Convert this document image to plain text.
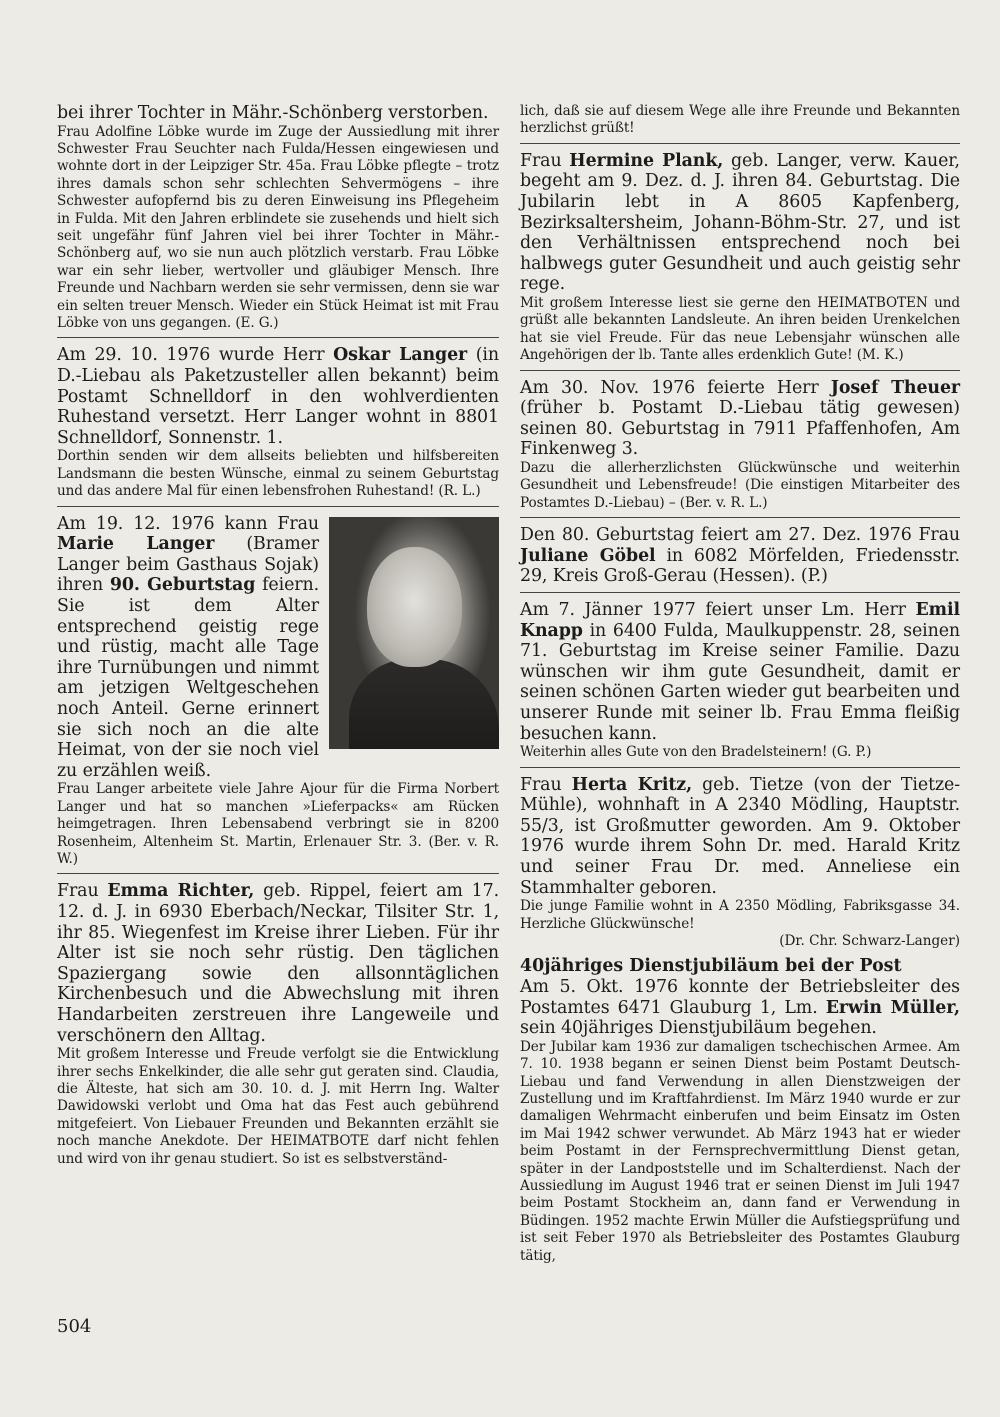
bei ihrer Tochter in Mähr.-Schönberg verstorben.

Frau Adolfine Löbke wurde im Zuge der Aussiedlung mit ihrer Schwester Frau Seuchter nach Fulda/Hessen eingewiesen und wohnte dort in der Leipziger Str. 45a. Frau Löbke pflegte – trotz ihres damals schon sehr schlechten Sehvermögens – ihre Schwester aufopfernd bis zu deren Einweisung ins Pflegeheim in Fulda. Mit den Jahren erblindete sie zusehends und hielt sich seit ungefähr fünf Jahren viel bei ihrer Tochter in Mähr.-Schönberg auf, wo sie nun auch plötzlich verstarb. Frau Löbke war ein sehr lieber, wertvoller und gläubiger Mensch. Ihre Freunde und Nachbarn werden sie sehr vermissen, denn sie war ein selten treuer Mensch. Wieder ein Stück Heimat ist mit Frau Löbke von uns gegangen. (E. G.)

Am 29. 10. 1976 wurde Herr Oskar Langer (in D.-Liebau als Paketzusteller allen bekannt) beim Postamt Schnelldorf in den wohlverdienten Ruhestand versetzt. Herr Langer wohnt in 8801 Schnelldorf, Sonnenstr. 1.

Dorthin senden wir dem allseits beliebten und hilfsbereiten Landsmann die besten Wünsche, einmal zu seinem Geburtstag und das andere Mal für einen lebensfrohen Ruhestand! (R. L.)

Am 19. 12. 1976 kann Frau Marie Langer (Bramer Langer beim Gasthaus Sojak) ihren 90. Geburtstag feiern. Sie ist dem Alter entsprechend geistig rege und rüstig, macht alle Tage ihre Turnübungen und nimmt am jetzigen Weltgeschehen noch Anteil. Gerne erinnert sie sich noch an die alte Heimat, von der sie noch viel zu erzählen weiß.

Frau Langer arbeitete viele Jahre Ajour für die Firma Norbert Langer und hat so manchen »Lieferpacks« am Rücken heimgetragen. Ihren Lebensabend verbringt sie in 8200 Rosenheim, Altenheim St. Martin, Erlenauer Str. 3. (Ber. v. R. W.)

Frau Emma Richter, geb. Rippel, feiert am 17. 12. d. J. in 6930 Eberbach/Neckar, Tilsiter Str. 1, ihr 85. Wiegenfest im Kreise ihrer Lieben. Für ihr Alter ist sie noch sehr rüstig. Den täglichen Spaziergang sowie den allsonntäglichen Kirchenbesuch und die Abwechslung mit ihren Handarbeiten zerstreuen ihre Langeweile und verschönern den Alltag.

Mit großem Interesse und Freude verfolgt sie die Entwicklung ihrer sechs Enkelkinder, die alle sehr gut geraten sind. Claudia, die Älteste, hat sich am 30. 10. d. J. mit Herrn Ing. Walter Dawidowski verlobt und Oma hat das Fest auch gebührend mitgefeiert. Von Liebauer Freunden und Bekannten erzählt sie noch manche Anekdote. Der HEIMATBOTE darf nicht fehlen und wird von ihr genau studiert. So ist es selbstverständ-

lich, daß sie auf diesem Wege alle ihre Freunde und Bekannten herzlichst grüßt!

Frau Hermine Plank, geb. Langer, verw. Kauer, begeht am 9. Dez. d. J. ihren 84. Geburtstag. Die Jubilarin lebt in A 8605 Kapfenberg, Bezirksaltersheim, Johann-Böhm-Str. 27, und ist den Verhältnissen entsprechend noch bei halbwegs guter Gesundheit und auch geistig sehr rege.

Mit großem Interesse liest sie gerne den HEIMATBOTEN und grüßt alle bekannten Landsleute. An ihren beiden Urenkelchen hat sie viel Freude. Für das neue Lebensjahr wünschen alle Angehörigen der lb. Tante alles erdenklich Gute! (M. K.)

Am 30. Nov. 1976 feierte Herr Josef Theuer (früher b. Postamt D.-Liebau tätig gewesen) seinen 80. Geburtstag in 7911 Pfaffenhofen, Am Finkenweg 3.

Dazu die allerherzlichsten Glückwünsche und weiterhin Gesundheit und Lebensfreude! (Die einstigen Mitarbeiter des Postamtes D.-Liebau) – (Ber. v. R. L.)

Den 80. Geburtstag feiert am 27. Dez. 1976 Frau Juliane Göbel in 6082 Mörfelden, Friedensstr. 29, Kreis Groß-Gerau (Hessen). (P.)

Am 7. Jänner 1977 feiert unser Lm. Herr Emil Knapp in 6400 Fulda, Maulkuppenstr. 28, seinen 71. Geburtstag im Kreise seiner Familie. Dazu wünschen wir ihm gute Gesundheit, damit er seinen schönen Garten wieder gut bearbeiten und unserer Runde mit seiner lb. Frau Emma fleißig besuchen kann.

Weiterhin alles Gute von den Bradelsteinern! (G. P.)

Frau Herta Kritz, geb. Tietze (von der Tietze-Mühle), wohnhaft in A 2340 Mödling, Hauptstr. 55/3, ist Großmutter geworden. Am 9. Oktober 1976 wurde ihrem Sohn Dr. med. Harald Kritz und seiner Frau Dr. med. Anneliese ein Stammhalter geboren.

Die junge Familie wohnt in A 2350 Mödling, Fabriksgasse 34. Herzliche Glückwünsche!

(Dr. Chr. Schwarz-Langer)

40jähriges Dienstjubiläum bei der Post

Am 5. Okt. 1976 konnte der Betriebsleiter des Postamtes 6471 Glauburg 1, Lm. Erwin Müller, sein 40jähriges Dienstjubiläum begehen.

Der Jubilar kam 1936 zur damaligen tschechischen Armee. Am 7. 10. 1938 begann er seinen Dienst beim Postamt Deutsch-Liebau und fand Verwendung in allen Dienstzweigen der Zustellung und im Kraftfahrdienst. Im März 1940 wurde er zur damaligen Wehrmacht einberufen und beim Einsatz im Osten im Mai 1942 schwer verwundet. Ab März 1943 hat er wieder beim Postamt in der Fernsprechvermittlung Dienst getan, später in der Landpoststelle und im Schalterdienst. Nach der Aussiedlung im August 1946 trat er seinen Dienst im Juli 1947 beim Postamt Stockheim an, dann fand er Verwendung in Büdingen. 1952 machte Erwin Müller die Aufstiegsprüfung und ist seit Feber 1970 als Betriebsleiter des Postamtes Glauburg tätig,

504
